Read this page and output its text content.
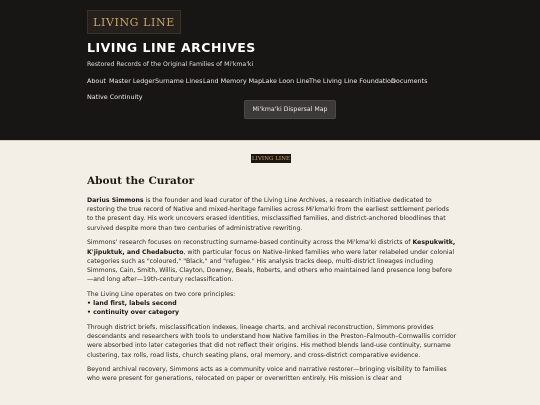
LIVING LINE
LIVING LINE ARCHIVES
Restored Records of the Original Families of Mi'kma'ki
About Master Ledger Surname Lines Land Memory Map Lake Loon Line The Living Line Foundation
Documents
Native Continuity
Mi'kma'ki Dispersal Map
LIVING LINE
About the Curator

Darius Simmons is the founder and lead curator of the Living Line Archives, a research initiative dedicated to restoring the true record of Native and mixed-heritage families across Mi'kma'ki from the earliest settlement periods to the present day. His work uncovers erased identities, misclassified families, and district-anchored bloodlines that survived despite more than two centuries of administrative rewriting.

Simmons' research focuses on reconstructing surname-based continuity across the Mi'kma'ki districts of Kespukwitk, K'jipuktuk, and Chedabucto, with particular focus on Native-linked families who were later relabeled under colonial categories such as "coloured," "Black," and "refugee." His analysis tracks deep, multi-district lineages including Simmons, Cain, Smith, Willis, Clayton, Downey, Beals, Roberts, and others who maintained land presence long before—and long after—19th-century reclassification.

The Living Line operates on two core principles:
• land first, labels second
• continuity over category

Through district briefs, misclassification indexes, lineage charts, and archival reconstruction, Simmons provides descendants and researchers with tools to understand how Native families in the Preston–Falmouth–Cornwallis corridor were absorbed into later categories that did not reflect their origins. His method blends land-use continuity, surname clustering, tax rolls, road lists, church seating plans, oral memory, and cross-district comparative evidence.

Beyond archival recovery, Simmons acts as a community voice and narrative restorer—bringing visibility to families who were present for generations, relocated on paper or overwritten entirely. His mission is clear and
